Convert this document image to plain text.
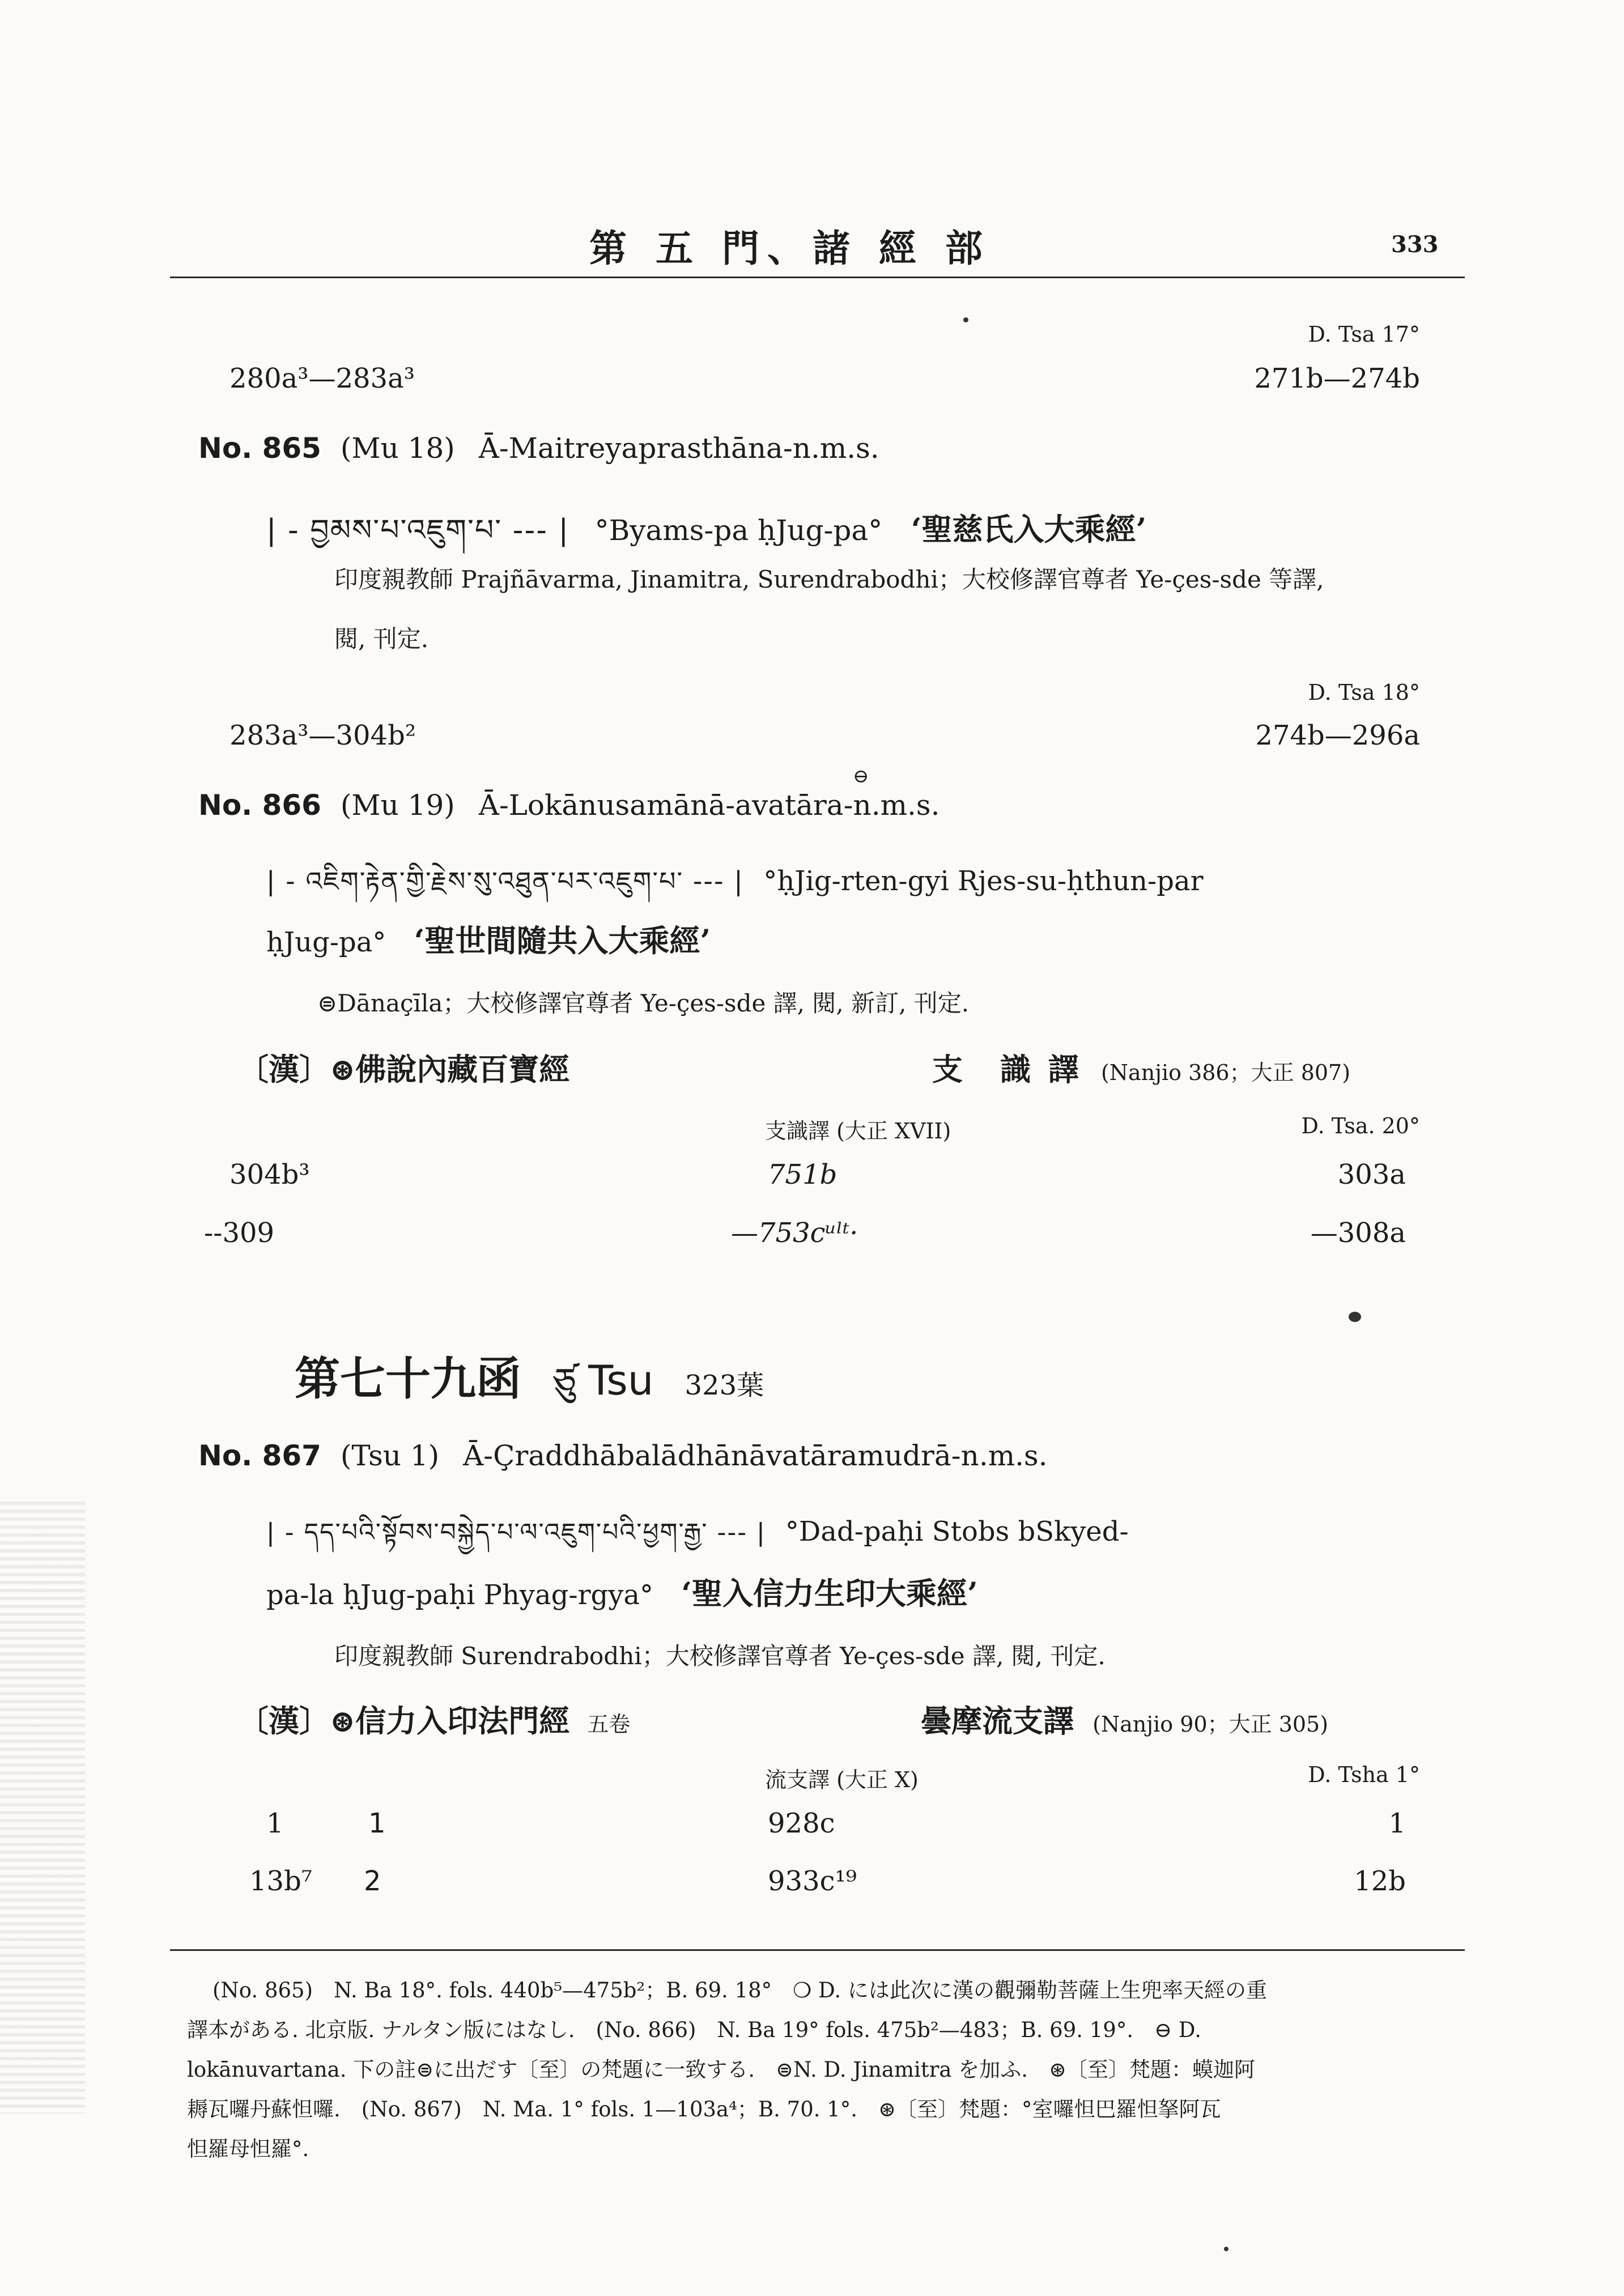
第 五 門、諸 經 部	333
D. Tsa 17°
280a³—283a³	271b—274b
No. 865 (Mu 18) Ā-Maitreyaprasthāna-n.m.s.
| - བྱམས་པ་འཇུག་པ་ --- | °Byams-pa ḥJug-pa° ‘聖慈氏入大乘經’
印度親教師 Prajñāvarma, Jinamitra, Surendrabodhi；大校修譯官尊者 Ye-çes-sde 等譯,
閱, 刊定.
D. Tsa 18°
283a³—304b²	274b—296a
⊖
No. 866 (Mu 19) Ā-Lokānusamānā-avatāra-n.m.s.
| - འཇིག་རྟེན་གྱི་རྗེས་སུ་འཐུན་པར་འཇུག་པ་ --- | °ḥJig-rten-gyi Rjes-su-ḥthun-par
ḥJug-pa° ‘聖世間隨共入大乘經’
⊜Dānaçīla；大校修譯官尊者 Ye-çes-sde 譯, 閱, 新訂, 刊定.
〔漢〕⊛佛說內藏百寶經	支　識 譯 (Nanjio 386；大正 807)
支識譯 (大正 XVII)	D. Tsa. 20°
304b³	751b	303a
--309	—753cᵘˡᵗ·	—308a
第七十九函 ཙུ Tsu 323葉
No. 867 (Tsu 1) Ā-Çraddhābalādhānāvatāramudrā-n.m.s.
| - དད་པའི་སྟོབས་བསྐྱེད་པ་ལ་འཇུག་པའི་ཕྱག་རྒྱ་ --- | °Dad-paḥi Stobs bSkyed-
pa-la ḥJug-paḥi Phyag-rgya° ‘聖入信力生印大乘經’
印度親教師 Surendrabodhi；大校修譯官尊者 Ye-çes-sde 譯, 閱, 刊定.
〔漢〕⊛信力入印法門經 五卷	曇摩流支譯 (Nanjio 90；大正 305)
流支譯 (大正 X)	D. Tsha 1°
1	1	928c	1
13b⁷ 2	933c¹⁹	12b
(No. 865)　N. Ba 18°. fols. 440b⁵—475b²；B. 69. 18°　❍ D. には此次に漢の觀彌勒菩薩上生兜率天經の重
譯本がある. 北京版. ナルタン版にはなし.　(No. 866)　N. Ba 19° fols. 475b²—483；B. 69. 19°.　⊖ D.
lokānuvartana. 下の註⊜に出だす〔至〕の梵題に一致する.　⊜N. D. Jinamitra を加ふ.　⊛〔至〕梵題：蟆迦阿
耨瓦囉丹蘇怛囉.　(No. 867)　N. Ma. 1° fols. 1—103a⁴；B. 70. 1°.　⊛〔至〕梵題：°室囉怛巴羅怛拏阿瓦
怛羅母怛羅°.
